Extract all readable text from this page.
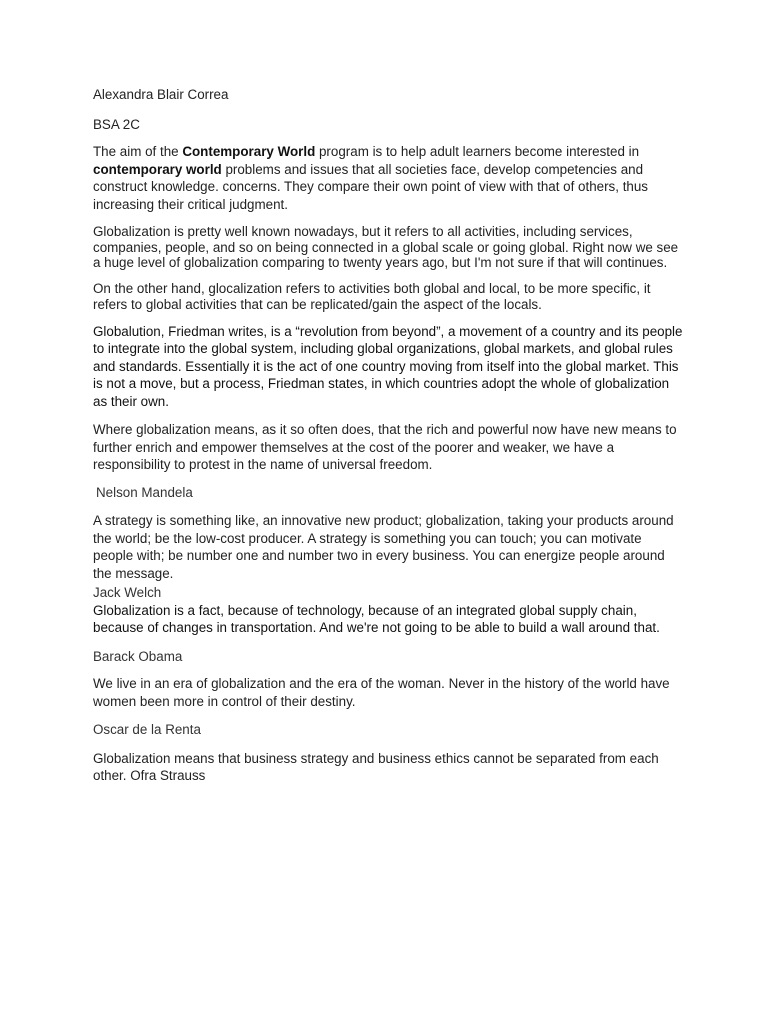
Alexandra Blair Correa

BSA 2C

The aim of the Contemporary World program is to help adult learners become interested in contemporary world problems and issues that all societies face, develop competencies and construct knowledge. concerns. They compare their own point of view with that of others, thus increasing their critical judgment.

Globalization is pretty well known nowadays, but it refers to all activities, including services, companies, people, and so on being connected in a global scale or going global. Right now we see a huge level of globalization comparing to twenty years ago, but I'm not sure if that will continues.

On the other hand, glocalization refers to activities both global and local, to be more specific, it refers to global activities that can be replicated/gain the aspect of the locals.

Globalution, Friedman writes, is a “revolution from beyond”, a movement of a country and its people to integrate into the global system, including global organizations, global markets, and global rules and standards. Essentially it is the act of one country moving from itself into the global market. This is not a move, but a process, Friedman states, in which countries adopt the whole of globalization as their own.

Where globalization means, as it so often does, that the rich and powerful now have new means to further enrich and empower themselves at the cost of the poorer and weaker, we have a responsibility to protest in the name of universal freedom.

Nelson Mandela

A strategy is something like, an innovative new product; globalization, taking your products around the world; be the low-cost producer. A strategy is something you can touch; you can motivate people with; be number one and number two in every business. You can energize people around the message.

Jack Welch

Globalization is a fact, because of technology, because of an integrated global supply chain, because of changes in transportation. And we're not going to be able to build a wall around that.

Barack Obama

We live in an era of globalization and the era of the woman. Never in the history of the world have women been more in control of their destiny.

Oscar de la Renta

Globalization means that business strategy and business ethics cannot be separated from each other. Ofra Strauss
